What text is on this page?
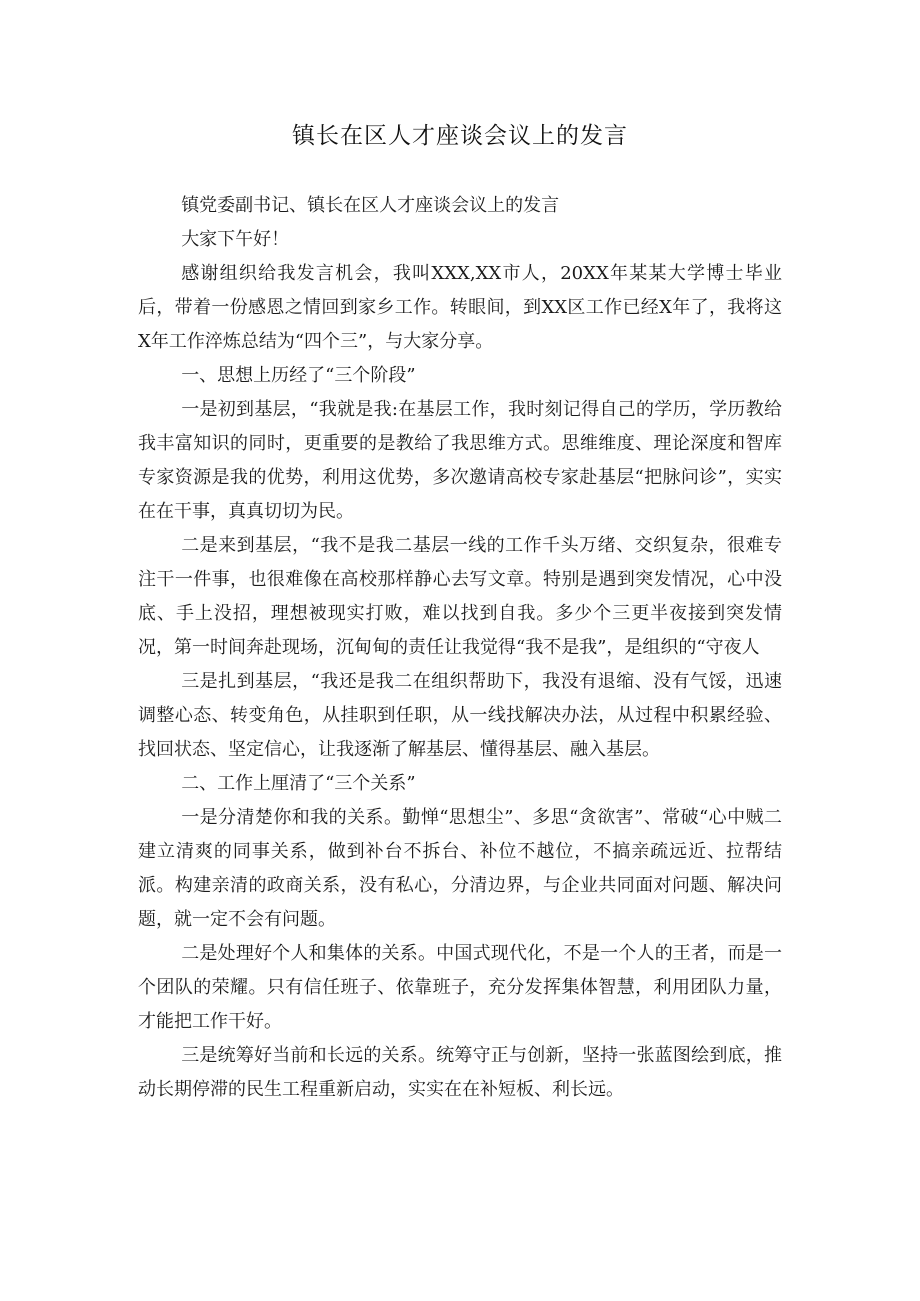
镇长在区人才座谈会议上的发言

镇党委副书记、镇长在区人才座谈会议上的发言

大家下午好！

感谢组织给我发言机会，我叫XXX,XX市人，20XX年某某大学博士毕业后，带着一份感恩之情回到家乡工作。转眼间，到XX区工作已经X年了，我将这X年工作淬炼总结为“四个三”，与大家分享。

一、思想上历经了“三个阶段”

一是初到基层，“我就是我:在基层工作，我时刻记得自己的学历，学历教给我丰富知识的同时，更重要的是教给了我思维方式。思维维度、理论深度和智库专家资源是我的优势，利用这优势，多次邀请高校专家赴基层“把脉问诊”，实实在在干事，真真切切为民。

二是来到基层，“我不是我二基层一线的工作千头万绪、交织复杂，很难专注干一件事，也很难像在高校那样静心去写文章。特别是遇到突发情况，心中没底、手上没招，理想被现实打败，难以找到自我。多少个三更半夜接到突发情况，第一时间奔赴现场，沉甸甸的责任让我觉得“我不是我”，是组织的“守夜人

三是扎到基层，“我还是我二在组织帮助下，我没有退缩、没有气馁，迅速调整心态、转变角色，从挂职到任职，从一线找解决办法，从过程中积累经验、找回状态、坚定信心，让我逐渐了解基层、懂得基层、融入基层。

二、工作上厘清了“三个关系”

一是分清楚你和我的关系。勤惮“思想尘”、多思“贪欲害”、常破“心中贼二建立清爽的同事关系，做到补台不拆台、补位不越位，不搞亲疏远近、拉帮结派。构建亲清的政商关系，没有私心，分清边界，与企业共同面对问题、解决问题，就一定不会有问题。

二是处理好个人和集体的关系。中国式现代化，不是一个人的王者，而是一个团队的荣耀。只有信任班子、依靠班子，充分发挥集体智慧，利用团队力量，才能把工作干好。

三是统筹好当前和长远的关系。统筹守正与创新，坚持一张蓝图绘到底，推动长期停滞的民生工程重新启动，实实在在补短板、利长远。
